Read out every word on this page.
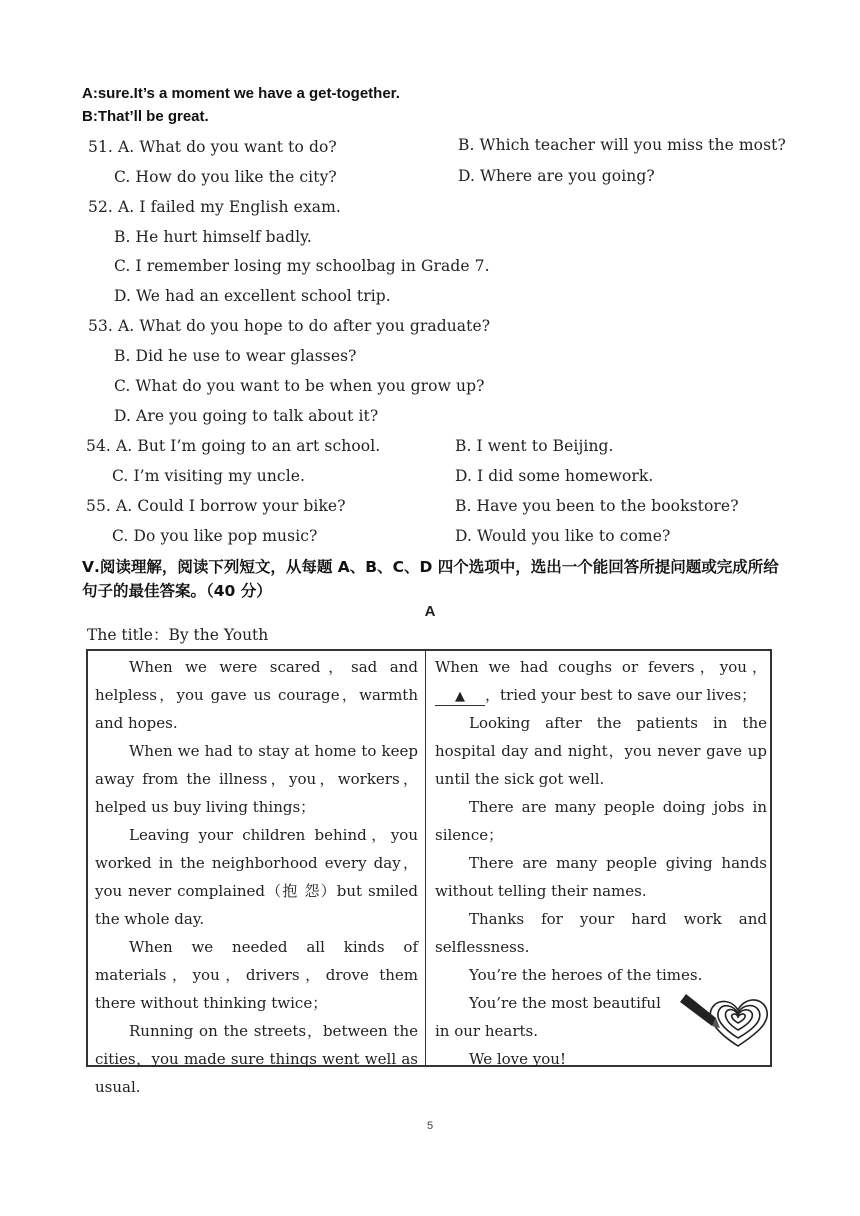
A:sure.It’s a moment we have a get-together.
B:That’ll be great.
51. A. What do you want to do?	B. Which teacher will you miss the most?
C. How do you like the city?	D. Where are you going?
52. A. I failed my English exam.
B. He hurt himself badly.
C. I remember losing my schoolbag in Grade 7.
D. We had an excellent school trip.
53. A. What do you hope to do after you graduate?
B. Did he use to wear glasses?
C. What do you want to be when you grow up?
D. Are you going to talk about it?
54. A. But I’m going to an art school.	B. I went to Beijing.
C. I’m visiting my uncle.	D. I did some homework.
55. A. Could I borrow your bike?	B. Have you been to the bookstore?
C. Do you like pop music?	D. Would you like to come?
Ⅴ.阅读理解，阅读下列短文，从每题 A、B、C、D 四个选项中，选出一个能回答所提问题或完成所给句子的最佳答案。（40 分）
A
The title：By the Youth

When we were scared，sad and helpless，you gave us courage，warmth and hopes.

When we had to stay at home to keep away from the illness，you，workers，helped us buy living things；

Leaving your children behind，you worked in the neighborhood every day，you never complained（抱 怨）but smiled the whole day.

When we needed all kinds of materials，you，drivers，drove them there without thinking twice；

Running on the streets，between the cities，you made sure things went well as usual.

When we had coughs or fevers，you，▲ ，tried your best to save our lives；

Looking after the patients in the hospital day and night，you never gave up until the sick got well.

There are many people doing jobs in silence；

There are many people giving hands without telling their names.

Thanks for your hard work and selflessness.

You’re the heroes of the times.

You’re the most beautiful

in our hearts.

We love you!

5
